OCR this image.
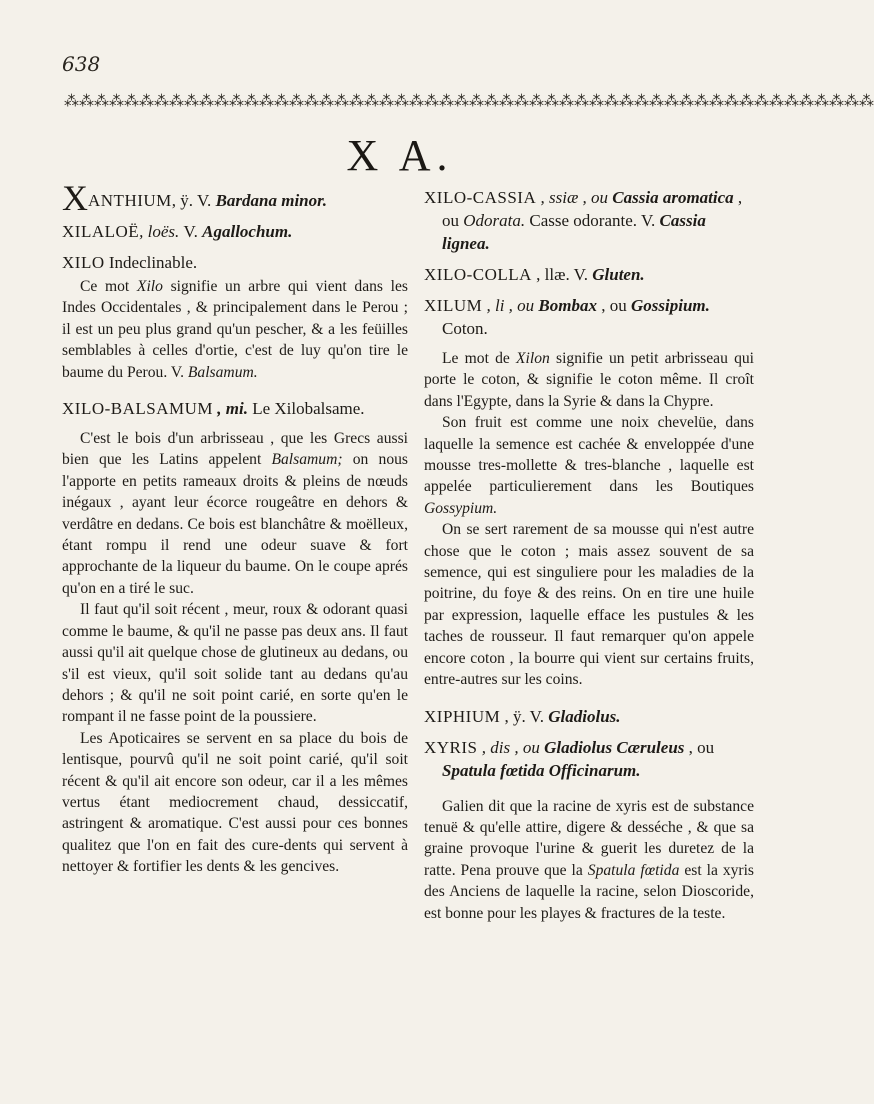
638
⁂⁂⁂⁂⁂⁂⁂⁂⁂⁂⁂⁂⁂⁂⁂⁂⁂⁂⁂⁂⁂⁂⁂⁂⁂⁂⁂⁂⁂⁂⁂⁂⁂⁂⁂⁂⁂⁂⁂⁂⁂⁂⁂⁂⁂⁂⁂⁂⁂⁂⁂⁂⁂⁂
X A.

XANTHIUM, ÿ. V. Bardana minor.

XILALOË, loës. V. Agallochum.

XILO Indeclinable.

Ce mot Xilo signifie un arbre qui vient dans les Indes Occidentales , & principalement dans le Perou ; il est un peu plus grand qu'un pescher, & a les feüilles semblables à celles d'ortie, c'est de luy qu'on tire le baume du Perou. V. Balsamum.

XILO-BALSAMUM , mi. Le Xilobalsame.

C'est le bois d'un arbrisseau , que les Grecs aussi bien que les Latins appelent Balsamum; on nous l'apporte en petits rameaux droits & pleins de nœuds inégaux , ayant leur écorce rougeâtre en dehors & verdâtre en dedans. Ce bois est blanchâtre & moëlleux, étant rompu il rend une odeur suave & fort approchante de la liqueur du baume. On le coupe aprés qu'on en a tiré le suc.

Il faut qu'il soit récent , meur, roux & odorant quasi comme le baume, & qu'il ne passe pas deux ans. Il faut aussi qu'il ait quelque chose de glutineux au dedans, ou s'il est vieux, qu'il soit solide tant au dedans qu'au dehors ; & qu'il ne soit point carié, en sorte qu'en le rompant il ne fasse point de la poussiere.

Les Apoticaires se servent en sa place du bois de lentisque, pourvû qu'il ne soit point carié, qu'il soit récent & qu'il ait encore son odeur, car il a les mêmes vertus étant mediocrement chaud, dessiccatif, astringent & aromatique. C'est aussi pour ces bonnes qualitez que l'on en fait des cure-dents qui servent à nettoyer & fortifier les dents & les gencives.

XILO-CASSIA , ssiæ , ou Cassia aromatica , ou Odorata. Casse odorante. V. Cassia lignea.

XILO-COLLA , llæ. V. Gluten.

XILUM , li , ou Bombax , ou Gossipium. Coton.

Le mot de Xilon signifie un petit arbrisseau qui porte le coton, & signifie le coton même. Il croît dans l'Egypte, dans la Syrie & dans la Chypre.

Son fruit est comme une noix chevelüe, dans laquelle la semence est cachée & enveloppée d'une mousse tres-mollette & tres-blanche , laquelle est appelée particulierement dans les Boutiques Gossypium.

On se sert rarement de sa mousse qui n'est autre chose que le coton ; mais assez souvent de sa semence, qui est singuliere pour les maladies de la poitrine, du foye & des reins. On en tire une huile par expression, laquelle efface les pustules & les taches de rousseur. Il faut remarquer qu'on appele encore coton , la bourre qui vient sur certains fruits, entre-autres sur les coins.

XIPHIUM , ÿ. V. Gladiolus.

XYRIS , dis , ou Gladiolus Cæruleus , ou Spatula fœtida Officinarum.

Galien dit que la racine de xyris est de substance tenuë & qu'elle attire, digere & desséche , & que sa graine provoque l'urine & guerit les duretez de la ratte. Pena prouve que la Spatula fœtida est la xyris des Anciens de laquelle la racine, selon Dioscoride, est bonne pour les playes & fractures de la teste.
